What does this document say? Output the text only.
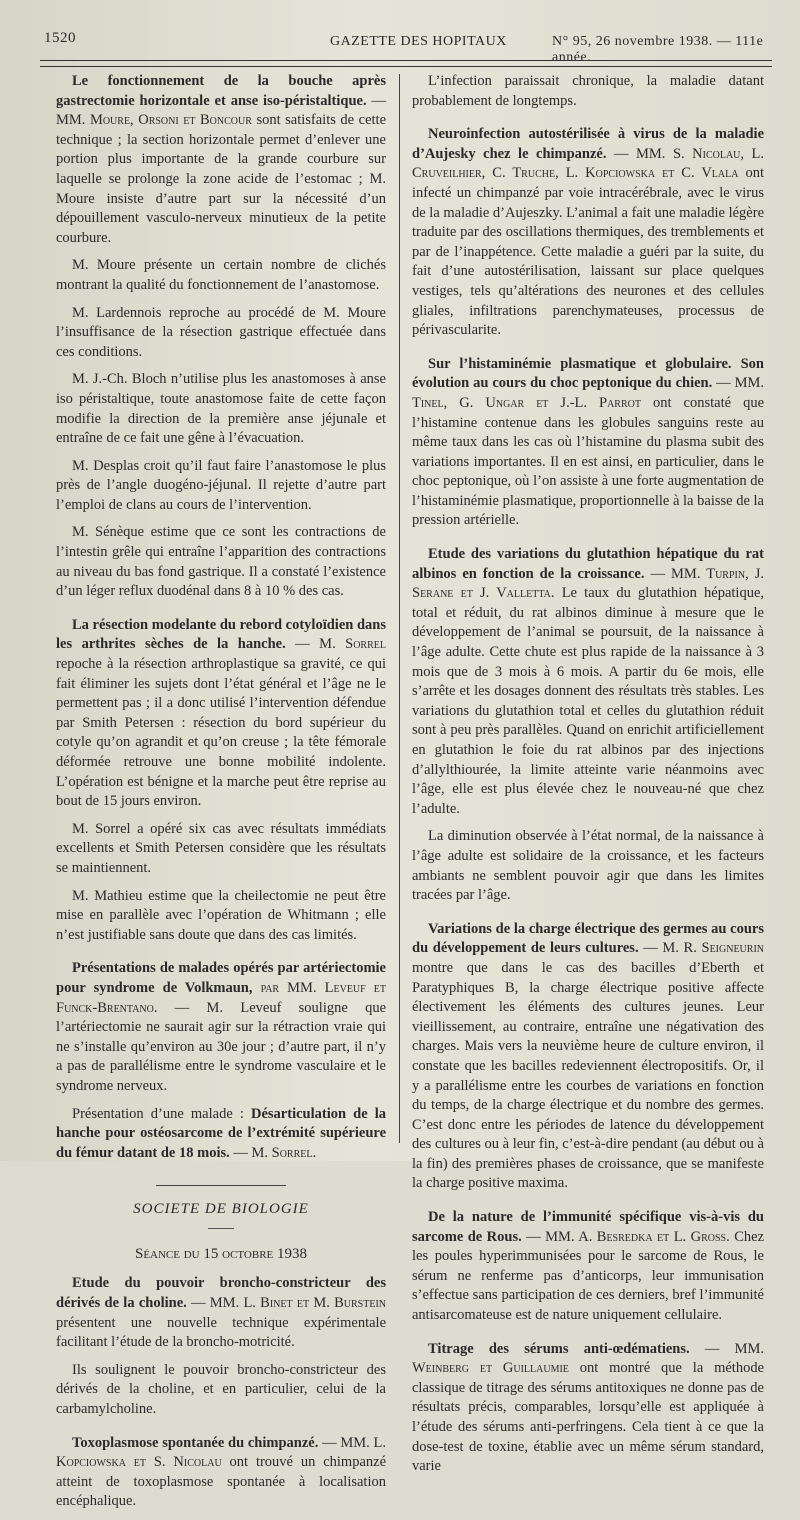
1520	GAZETTE DES HOPITAUX	N° 95, 26 novembre 1938. — 111e année.

Le fonctionnement de la bouche après gastrectomie horizontale et anse iso-péristaltique. — MM. Moure, Orsoni et Boncour sont satisfaits de cette technique ; la section horizontale permet d’enlever une portion plus importante de la grande courbure sur laquelle se prolonge la zone acide de l’estomac ; M. Moure insiste d’autre part sur la nécessité d’un dépouillement vasculo-nerveux minutieux de la petite courbure.

M. Moure présente un certain nombre de clichés montrant la qualité du fonctionnement de l’anastomose.

M. Lardennois reproche au procédé de M. Moure l’insuffisance de la résection gastrique effectuée dans ces conditions.

M. J.-Ch. Bloch n’utilise plus les anastomoses à anse iso péristaltique, toute anastomose faite de cette façon modifie la direction de la première anse jéjunale et entraîne de ce fait une gêne à l’évacuation.

M. Desplas croit qu’il faut faire l’anastomose le plus près de l’angle duogéno-jéjunal. Il rejette d’autre part l’emploi de clans au cours de l’intervention.

M. Sénèque estime que ce sont les contractions de l’intestin grêle qui entraîne l’apparition des contractions au niveau du bas fond gastrique. Il a constaté l’existence d’un léger reflux duodénal dans 8 à 10 % des cas.

La résection modelante du rebord cotyloïdien dans les arthrites sèches de la hanche. — M. Sorrel repoche à la résection arthroplastique sa gravité, ce qui fait éliminer les sujets dont l’état général et l’âge ne le permettent pas ; il a donc utilisé l’intervention défendue par Smith Petersen : résection du bord supérieur du cotyle qu’on agrandit et qu’on creuse ; la tête fémorale déformée retrouve une bonne mobilité indolente. L’opération est bénigne et la marche peut être reprise au bout de 15 jours environ.

M. Sorrel a opéré six cas avec résultats immédiats excellents et Smith Petersen considère que les résultats se maintiennent.

M. Mathieu estime que la cheilectomie ne peut être mise en parallèle avec l’opération de Whitmann ; elle n’est justifiable sans doute que dans des cas limités.

Présentations de malades opérés par artériectomie pour syndrome de Volkmaun, par MM. Leveuf et Funck-Brentano. — M. Leveuf souligne que l’artériectomie ne saurait agir sur la rétraction vraie qui ne s’installe qu’environ au 30e jour ; d’autre part, il n’y a pas de parallélisme entre le syndrome vasculaire et le syndrome nerveux.

Présentation d’une malade : Désarticulation de la hanche pour ostéosarcome de l’extrémité supérieure du fémur datant de 18 mois. — M. Sorrel.

SOCIETE DE BIOLOGIE

Séance du 15 octobre 1938

Etude du pouvoir broncho-constricteur des dérivés de la choline. — MM. L. Binet et M. Burstein présentent une nouvelle technique expérimentale facilitant l’étude de la broncho-motricité.

Ils soulignent le pouvoir broncho-constricteur des dérivés de la choline, et en particulier, celui de la carbamylcholine.

Toxoplasmose spontanée du chimpanzé. — MM. L. Kopciowska et S. Nicolau ont trouvé un chimpanzé atteint de toxoplasmose spontanée à localisation encéphalique.

L’infection paraissait chronique, la maladie datant probablement de longtemps.

Neuroinfection autostérilisée à virus de la maladie d’Aujesky chez le chimpanzé. — MM. S. Nicolau, L. Cruveilhier, C. Truche, L. Kopciowska et C. Vlala ont infecté un chimpanzé par voie intracérébrale, avec le virus de la maladie d’Aujeszky. L’animal a fait une maladie légère traduite par des oscillations thermiques, des tremblements et par de l’inappétence. Cette maladie a guéri par la suite, du fait d’une autostérilisation, laissant sur place quelques vestiges, tels qu’altérations des neurones et des cellules gliales, infiltrations parenchymateuses, processus de périvascularite.

Sur l’histaminémie plasmatique et globulaire. Son évolution au cours du choc peptonique du chien. — MM. Tinel, G. Ungar et J.-L. Parrot ont constaté que l’histamine contenue dans les globules sanguins reste au même taux dans les cas où l’histamine du plasma subit des variations importantes. Il en est ainsi, en particulier, dans le choc peptonique, où l’on assiste à une forte augmentation de l’histaminémie plasmatique, proportionnelle à la baisse de la pression artérielle.

Etude des variations du glutathion hépatique du rat albinos en fonction de la croissance. — MM. Turpin, J. Serane et J. Valletta. Le taux du glutathion hépatique, total et réduit, du rat albinos diminue à mesure que le développement de l’animal se poursuit, de la naissance à l’âge adulte. Cette chute est plus rapide de la naissance à 3 mois que de 3 mois à 6 mois. A partir du 6e mois, elle s’arrête et les dosages donnent des résultats très stables. Les variations du glutathion total et celles du glutathion réduit sont à peu près parallèles. Quand on enrichit artificiellement en glutathion le foie du rat albinos par des injections d’allylthiourée, la limite atteinte varie néanmoins avec l’âge, elle est plus élevée chez le nouveau-né que chez l’adulte.

La diminution observée à l’état normal, de la naissance à l’âge adulte est solidaire de la croissance, et les facteurs ambiants ne semblent pouvoir agir que dans les limites tracées par l’âge.

Variations de la charge électrique des germes au cours du développement de leurs cultures. — M. R. Seigneurin montre que dans le cas des bacilles d’Eberth et Paratyphiques B, la charge électrique positive affecte électivement les éléments des cultures jeunes. Leur vieillissement, au contraire, entraîne une négativation des charges. Mais vers la neuvième heure de culture environ, il constate que les bacilles redeviennent électropositifs. Or, il y a parallélisme entre les courbes de variations en fonction du temps, de la charge électrique et du nombre des germes. C’est donc entre les périodes de latence du développement des cultures ou à leur fin, c’est-à-dire pendant (au début ou à la fin) des premières phases de croissance, que se manifeste la charge positive maxima.

De la nature de l’immunité spécifique vis-à-vis du sarcome de Rous. — MM. A. Besredka et L. Gross. Chez les poules hyperimmunisées pour le sarcome de Rous, le sérum ne renferme pas d’anticorps, leur immunisation s’effectue sans participation de ces derniers, bref l’immunité antisarcomateuse est de nature uniquement cellulaire.

Titrage des sérums anti-œdématiens. — MM. Weinberg et Guillaumie ont montré que la méthode classique de titrage des sérums antitoxiques ne donne pas de résultats précis, comparables, lorsqu’elle est appliquée à l’étude des sérums anti-perfringens. Cela tient à ce que la dose-test de toxine, établie avec un même sérum standard, varie
